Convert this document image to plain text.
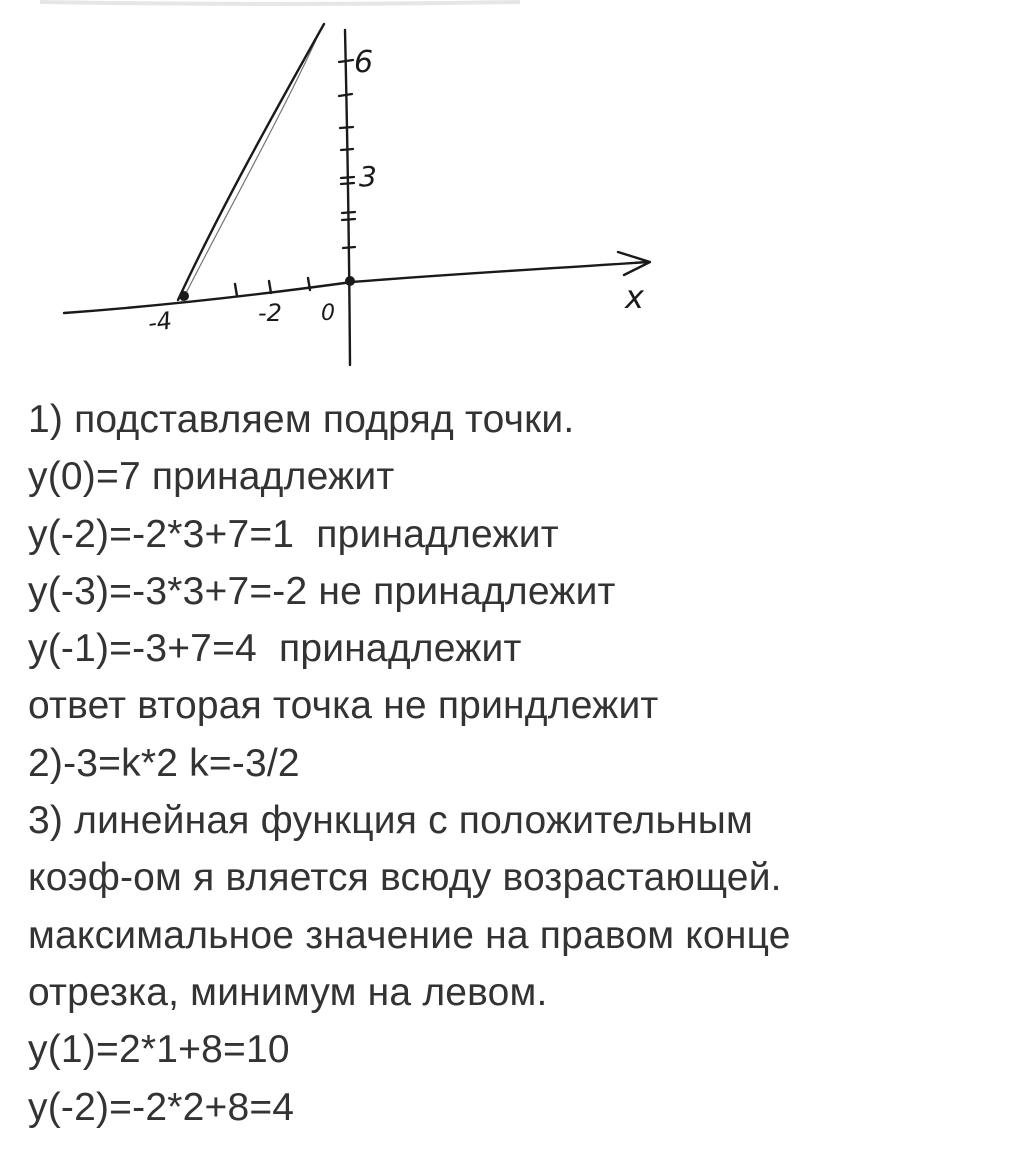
6
3
-4	-2 0	x
1) подставляем подряд точки.
y(0)=7 принадлежит
y(-2)=-2*3+7=1  принадлежит
y(-3)=-3*3+7=-2 не принадлежит
y(-1)=-3+7=4  принадлежит
ответ вторая точка не приндлежит
2)-3=k*2 k=-3/2
3) линейная функция с положительным
коэф-ом я вляется всюду возрастающей.
максимальное значение на правом конце
отрезка, минимум на левом.
y(1)=2*1+8=10
y(-2)=-2*2+8=4
